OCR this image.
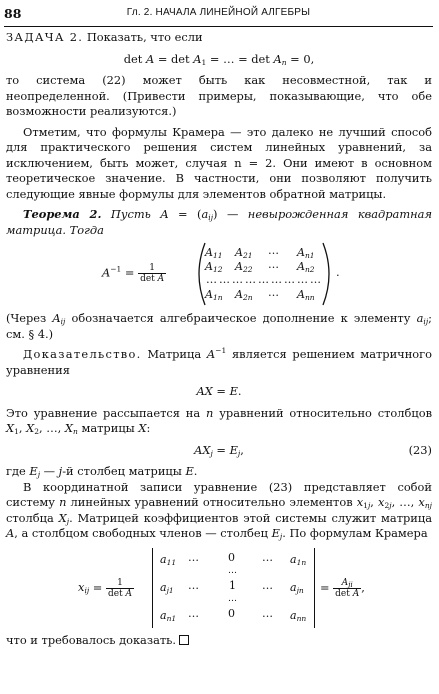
88	Гл. 2. НАЧАЛА ЛИНЕЙНОЙ АЛГЕБРЫ

ЗАДАЧА 2. Показать, что если

$\det A = \det A_1$ = … = $\det A_n = 0$,

то система (22) может быть как несовместной, так и неопределенной. (Привести примеры, показывающие, что обе возможности реализуются.)

Отметим, что формулы Крамера — это далеко не лучший способ для практического решения систем линейных уравнений, за исключением, быть может, случая n = 2. Они имеют в основном теоретическое значение. В частности, они позволяют получить следующие явные формулы для элементов обратной матрицы.

Теорема 2. Пусть $A = (a_{ij})$ — невырожденная квадратная матрица. Тогда

$A^{-1} = \frac{1}{\text{det A}}$
$A_{11}$ $A_{21}$ … $A_{n1}$
$A_{12}$ $A_{22}$ … $A_{n2}$
………………………
$A_{1n}$ $A_{2n}$ … $A_{nn}$
.

(Через $A_{ij}$ обозначается алгебраическое дополнение к элементу $a_{ij}$; см. § 4.)

Доказательство. Матрица $A^{-1}$ является решением матричного уравнения

AX = E.

Это уравнение рассыпается на n уравнений относительно столбцов $X_1$, $X_2$, …, $X_n$ матрицы X:

$AX_j = E_j$,	(23)

где $E_j$ — j-й столбец матрицы E.

В координатной записи уравнение (23) представляет собой систему n линейных уравнений относительно элементов $x_{1j}$, $x_{2j}$, …, $x_{nj}$ столбца $X_j$. Матрицей коэффициентов этой системы служит матрица A, а столбцом свободных членов — столбец $E_j$. По формулам Крамера

$x_{ij} = \frac{1}{\text{det A}}$
$a_{11}$ …	0 … $a_{1n}$
…
$a_{j1}$ …	1 … $a_{jn}$
…
$a_{n1}$ …	0 … $a_{nn}$
= $\frac{A_{ji}}{\text{det A}}$ ,

что и требовалось доказать.
